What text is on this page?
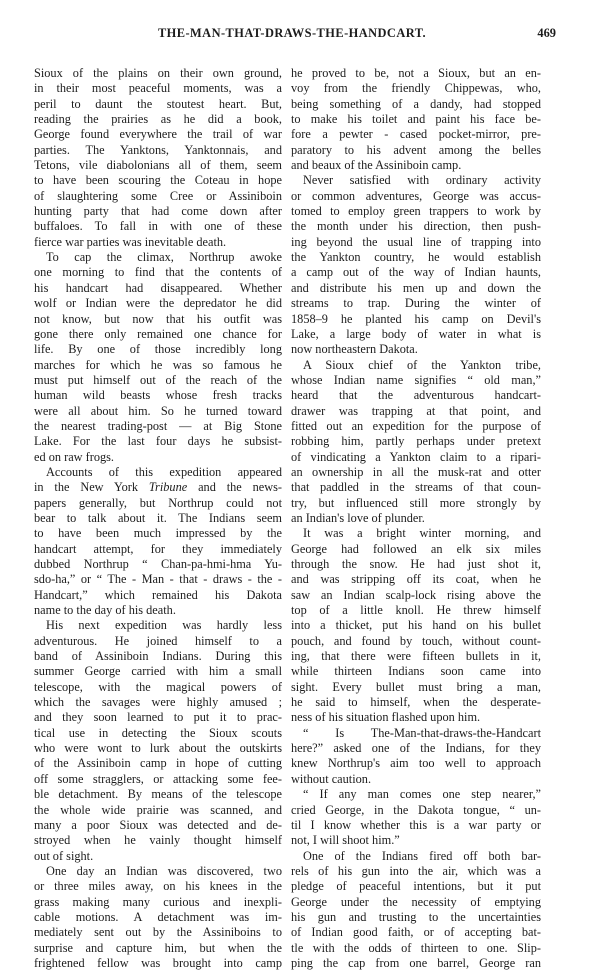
THE-MAN-THAT-DRAWS-THE-HANDCART.	469
Sioux of the plains on their own ground,
in their most peaceful moments, was a
peril to daunt the stoutest heart. But,
reading the prairies as he did a book,
George found everywhere the trail of war
parties. The Yanktons, Yanktonnais, and
Tetons, vile diabolonians all of them, seem
to have been scouring the Coteau in hope
of slaughtering some Cree or Assiniboin
hunting party that had come down after
buffaloes. To fall in with one of these
fierce war parties was inevitable death.
To cap the climax, Northrup awoke
one morning to find that the contents of
his handcart had disappeared. Whether
wolf or Indian were the depredator he did
not know, but now that his outfit was
gone there only remained one chance for
life. By one of those incredibly long
marches for which he was so famous he
must put himself out of the reach of the
human wild beasts whose fresh tracks
were all about him. So he turned toward
the nearest trading-post — at Big Stone
Lake. For the last four days he subsist-
ed on raw frogs.
Accounts of this expedition appeared
in the New York Tribune and the news-
papers generally, but Northrup could not
bear to talk about it. The Indians seem
to have been much impressed by the
handcart attempt, for they immediately
dubbed Northrup “ Chan-pa-hmi-hma Yu-
sdo-ha,” or “ The - Man - that - draws - the -
Handcart,” which remained his Dakota
name to the day of his death.
His next expedition was hardly less
adventurous. He joined himself to a
band of Assiniboin Indians. During this
summer George carried with him a small
telescope, with the magical powers of
which the savages were highly amused ;
and they soon learned to put it to prac-
tical use in detecting the Sioux scouts
who were wont to lurk about the outskirts
of the Assiniboin camp in hope of cutting
off some stragglers, or attacking some fee-
ble detachment. By means of the telescope
the whole wide prairie was scanned, and
many a poor Sioux was detected and de-
stroyed when he vainly thought himself
out of sight.
One day an Indian was discovered, two
or three miles away, on his knees in the
grass making many curious and inexpli-
cable motions. A detachment was im-
mediately sent out by the Assiniboins to
surprise and capture him, but when the
frightened fellow was brought into camp
he proved to be, not a Sioux, but an en-
voy from the friendly Chippewas, who,
being something of a dandy, had stopped
to make his toilet and paint his face be-
fore a pewter - cased pocket-mirror, pre-
paratory to his advent among the belles
and beaux of the Assiniboin camp.
Never satisfied with ordinary activity
or common adventures, George was accus-
tomed to employ green trappers to work by
the month under his direction, then push-
ing beyond the usual line of trapping into
the Yankton country, he would establish
a camp out of the way of Indian haunts,
and distribute his men up and down the
streams to trap. During the winter of
1858–9 he planted his camp on Devil's
Lake, a large body of water in what is
now northeastern Dakota.
A Sioux chief of the Yankton tribe,
whose Indian name signifies “ old man,”
heard that the adventurous handcart-
drawer was trapping at that point, and
fitted out an expedition for the purpose of
robbing him, partly perhaps under pretext
of vindicating a Yankton claim to a ripari-
an ownership in all the musk-rat and otter
that paddled in the streams of that coun-
try, but influenced still more strongly by
an Indian's love of plunder.
It was a bright winter morning, and
George had followed an elk six miles
through the snow. He had just shot it,
and was stripping off its coat, when he
saw an Indian scalp-lock rising above the
top of a little knoll. He threw himself
into a thicket, put his hand on his bullet
pouch, and found by touch, without count-
ing, that there were fifteen bullets in it,
while thirteen Indians soon came into
sight. Every bullet must bring a man,
he said to himself, when the desperate-
ness of his situation flashed upon him.
“ Is The-Man-that-draws-the-Handcart
here?” asked one of the Indians, for they
knew Northrup's aim too well to approach
without caution.
“ If any man comes one step nearer,”
cried George, in the Dakota tongue, “ un-
til I know whether this is a war party or
not, I will shoot him.”
One of the Indians fired off both bar-
rels of his gun into the air, which was a
pledge of peaceful intentions, but it put
George under the necessity of emptying
his gun and trusting to the uncertainties
of Indian good faith, or of accepting bat-
tle with the odds of thirteen to one. Slip-
ping the cap from one barrel, George ran
